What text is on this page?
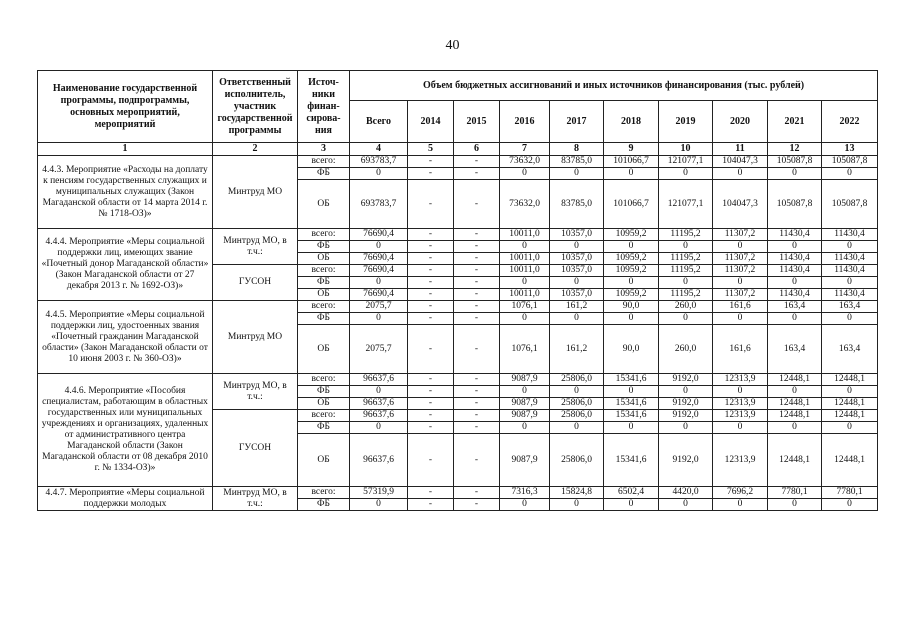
40
Наименование государственной программы, подпрограммы, основных мероприятий, мероприятий	Ответственный исполнитель, участник государственной программы	Источ-ники финан-сирова-ния	Объем бюджетных ассигнований и иных источников финансирования (тыс. рублей)									
			Всего	2014	2015	2016	2017	2018	2019	2020	2021	2022
1	2	3	4	5	6	7	8	9	10	11	12	13
4.4.3. Мероприятие «Расходы на доплату к пенсиям государственных служащих и муниципальных служащих (Закон Магаданской области от 14 марта 2014 г. № 1718-ОЗ)»	Минтруд МО	всего:	693783,7	-	-	73632,0	83785,0	101066,7	121077,1	104047,3	105087,8	105087,8
		ФБ	0	-	-	0	0	0	0	0	0	0
		ОБ	693783,7	-	-	73632,0	83785,0	101066,7	121077,1	104047,3	105087,8	105087,8
4.4.4. Мероприятие «Меры социальной поддержки лиц, имеющих звание «Почетный донор Магаданской области» (Закон Магаданской области от 27 декабря 2013 г. № 1692-ОЗ)»	Минтруд МО, в т.ч.:	всего:	76690,4	-	-	10011,0	10357,0	10959,2	11195,2	11307,2	11430,4	11430,4
		ФБ	0	-	-	0	0	0	0	0	0	0
		ОБ	76690,4	-	-	10011,0	10357,0	10959,2	11195,2	11307,2	11430,4	11430,4
	ГУСОН	всего:	76690,4	-	-	10011,0	10357,0	10959,2	11195,2	11307,2	11430,4	11430,4
		ФБ	0	-	-	0	0	0	0	0	0	0
		ОБ	76690,4	-	-	10011,0	10357,0	10959,2	11195,2	11307,2	11430,4	11430,4
4.4.5. Мероприятие «Меры социальной поддержки лиц, удостоенных звания «Почетный гражданин Магаданской области» (Закон Магаданской области от 10 июня 2003 г. № 360-ОЗ)»	Минтруд МО	всего:	2075,7	-	-	1076,1	161,2	90,0	260,0	161,6	163,4	163,4
		ФБ	0	-	-	0	0	0	0	0	0	0
		ОБ	2075,7	-	-	1076,1	161,2	90,0	260,0	161,6	163,4	163,4
4.4.6. Мероприятие «Пособия специалистам, работающим в областных государственных или муниципальных учреждениях и организациях, удаленных от административного центра Магаданской области (Закон Магаданской области от 08 декабря 2010 г. № 1334-ОЗ)»	Минтруд МО, в т.ч.:	всего:	96637,6	-	-	9087,9	25806,0	15341,6	9192,0	12313,9	12448,1	12448,1
		ФБ	0	-	-	0	0	0	0	0	0	0
		ОБ	96637,6	-	-	9087,9	25806,0	15341,6	9192,0	12313,9	12448,1	12448,1
	ГУСОН	всего:	96637,6	-	-	9087,9	25806,0	15341,6	9192,0	12313,9	12448,1	12448,1
		ФБ	0	-	-	0	0	0	0	0	0	0
		ОБ	96637,6	-	-	9087,9	25806,0	15341,6	9192,0	12313,9	12448,1	12448,1
4.4.7. Мероприятие «Меры социальной поддержки молодых	Минтруд МО, в т.ч.:	всего:	57319,9	-	-	7316,3	15824,8	6502,4	4420,0	7696,2	7780,1	7780,1
		ФБ	0	-	-	0	0	0	0	0	0	0
